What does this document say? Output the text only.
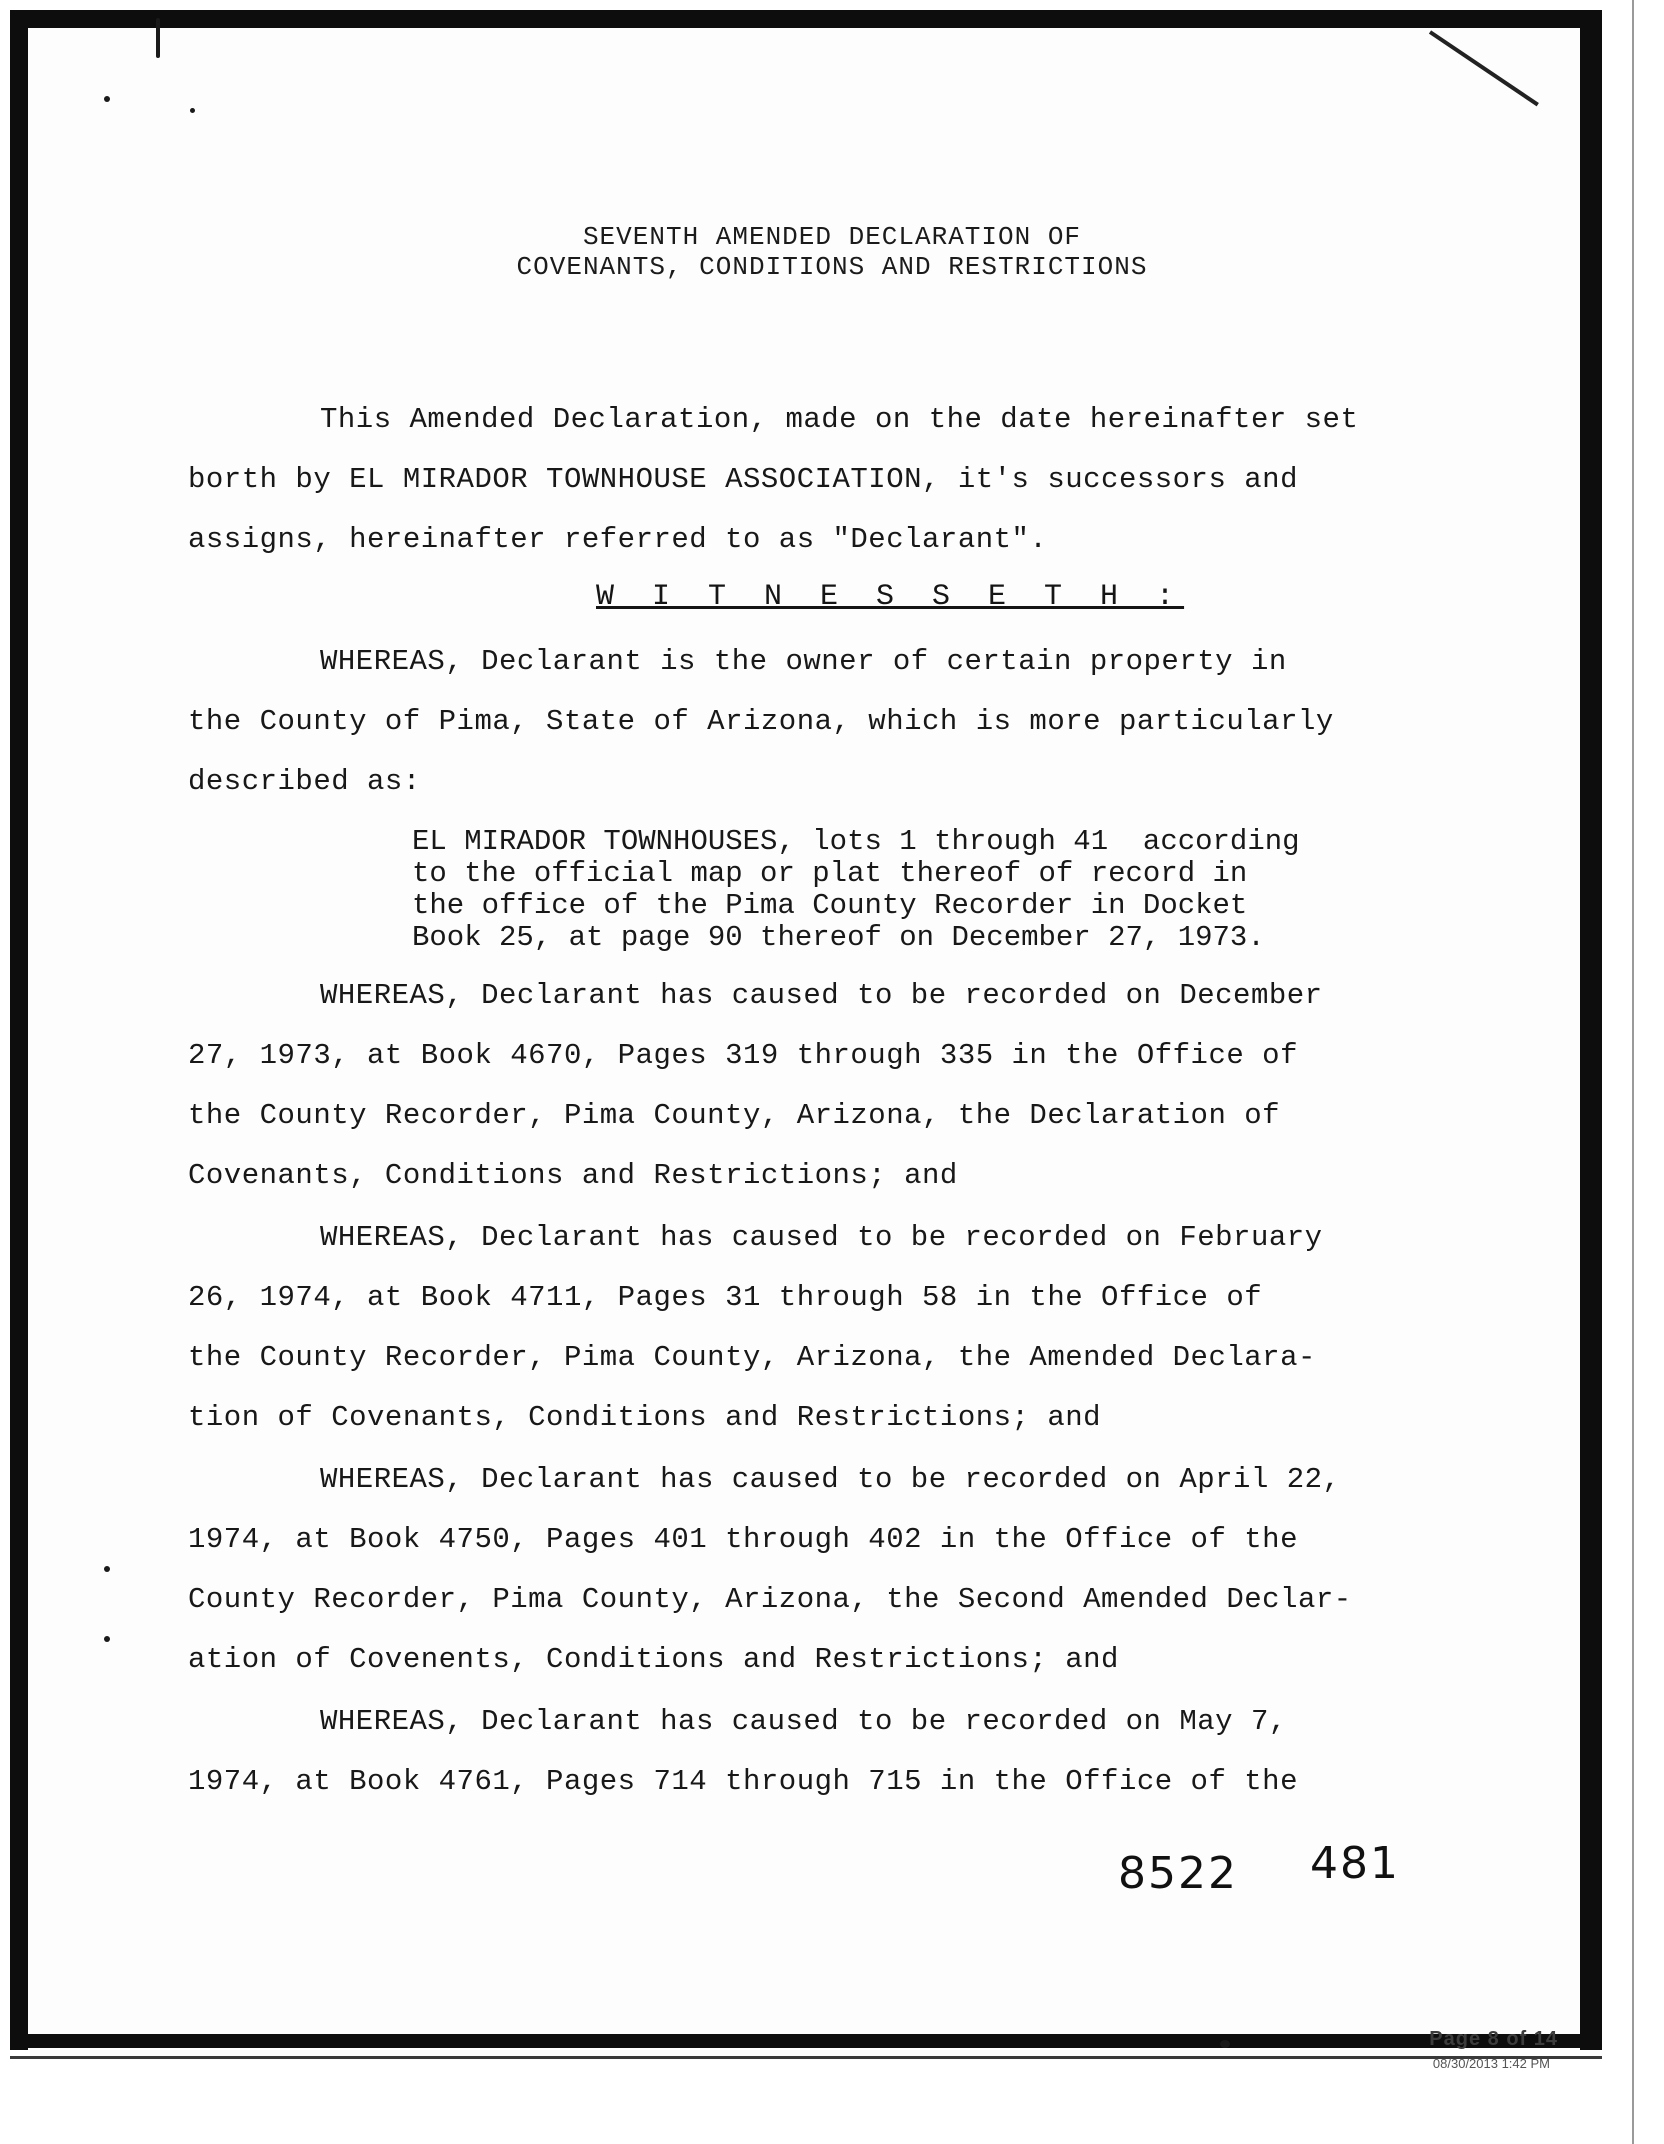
SEVENTH AMENDED DECLARATION OF
COVENANTS, CONDITIONS AND RESTRICTIONS
This Amended Declaration, made on the date hereinafter set
borth by EL MIRADOR TOWNHOUSE ASSOCIATION, it's successors and
assigns, hereinafter referred to as "Declarant".
W I T N E S S E T H :
WHEREAS, Declarant is the owner of certain property in
the County of Pima, State of Arizona, which is more particularly
described as:
EL MIRADOR TOWNHOUSES, lots 1 through 41  according
to the official map or plat thereof of record in
the office of the Pima County Recorder in Docket
Book 25, at page 90 thereof on December 27, 1973.
WHEREAS, Declarant has caused to be recorded on December
27, 1973, at Book 4670, Pages 319 through 335 in the Office of
the County Recorder, Pima County, Arizona, the Declaration of
Covenants, Conditions and Restrictions; and
WHEREAS, Declarant has caused to be recorded on February
26, 1974, at Book 4711, Pages 31 through 58 in the Office of
the County Recorder, Pima County, Arizona, the Amended Declara-
tion of Covenants, Conditions and Restrictions; and
WHEREAS, Declarant has caused to be recorded on April 22,
1974, at Book 4750, Pages 401 through 402 in the Office of the
County Recorder, Pima County, Arizona, the Second Amended Declar-
ation of Covenents, Conditions and Restrictions; and
WHEREAS, Declarant has caused to be recorded on May 7,
1974, at Book 4761, Pages 714 through 715 in the Office of the
8522 481
Page 8 of 14
08/30/2013 1:42 PM
